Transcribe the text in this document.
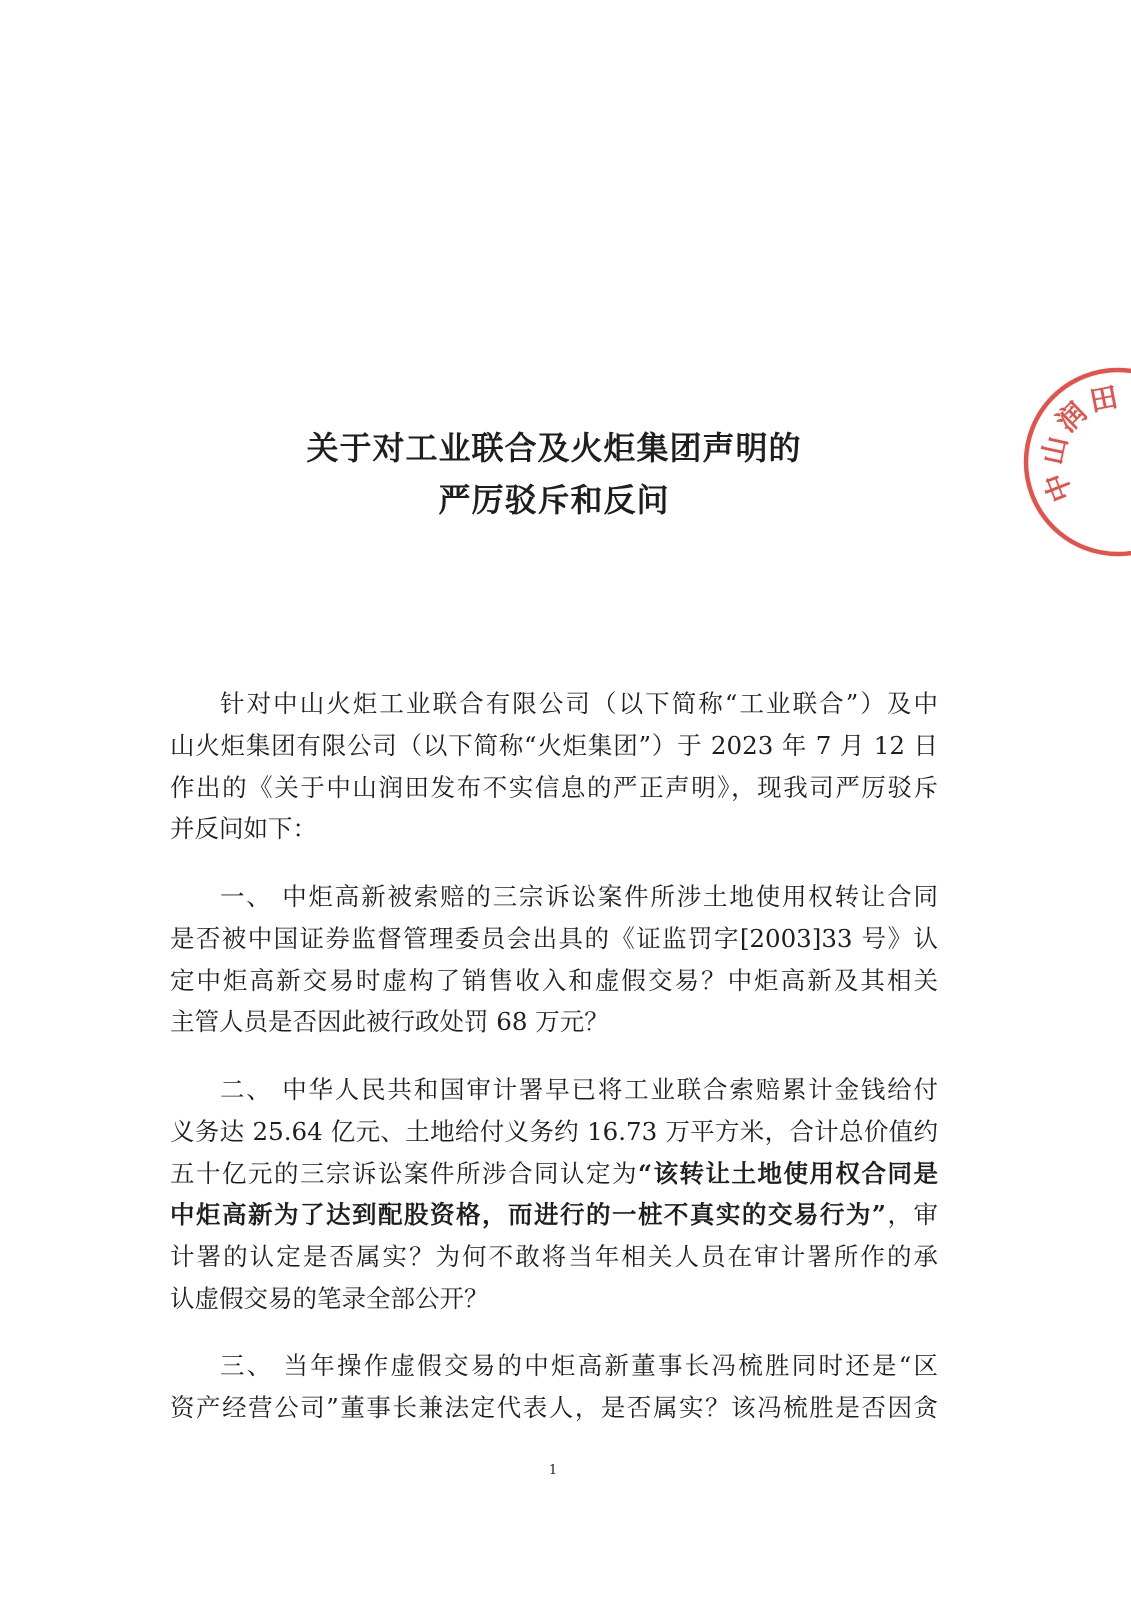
关于对工业联合及火炬集团声明的
严厉驳斥和反问
针对中山火炬工业联合有限公司（以下简称“工业联合”）及中
山火炬集团有限公司（以下简称“火炬集团”）于 2023 年 7 月 12 日
作出的《关于中山润田发布不实信息的严正声明》，现我司严厉驳斥
并反问如下：
一、 中炬高新被索赔的三宗诉讼案件所涉土地使用权转让合同
是否被中国证券监督管理委员会出具的《证监罚字[2003]33 号》认
定中炬高新交易时虚构了销售收入和虚假交易？中炬高新及其相关
主管人员是否因此被行政处罚 68 万元？
二、 中华人民共和国审计署早已将工业联合索赔累计金钱给付
义务达 25.64 亿元、土地给付义务约 16.73 万平方米，合计总价值约
五十亿元的三宗诉讼案件所涉合同认定为“该转让土地使用权合同是
中炬高新为了达到配股资格，而进行的一桩不真实的交易行为”，审
计署的认定是否属实？为何不敢将当年相关人员在审计署所作的承
认虚假交易的笔录全部公开？
三、 当年操作虚假交易的中炬高新董事长冯梳胜同时还是“区
资产经营公司”董事长兼法定代表人，是否属实？该冯梳胜是否因贪
1
中山润田
